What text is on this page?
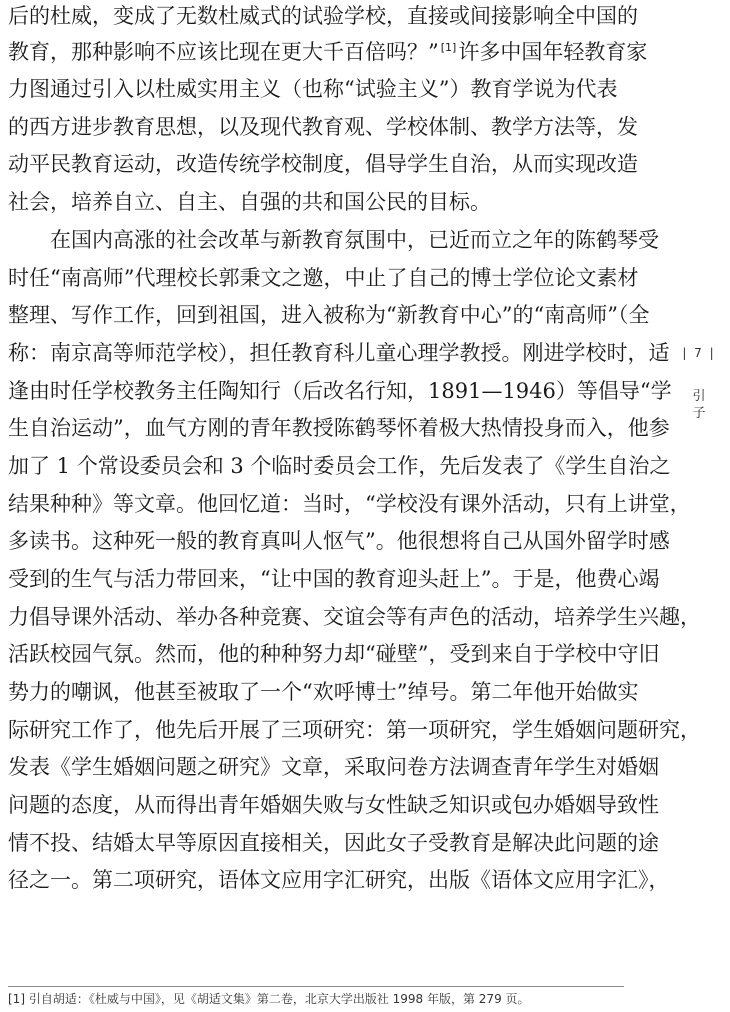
后的杜威，变成了无数杜威式的试验学校，直接或间接影响全中国的
教育，那种影响不应该比现在更大千百倍吗？” [1]许多中国年轻教育家
力图通过引入以杜威实用主义（也称“试验主义”）教育学说为代表
的西方进步教育思想，以及现代教育观、学校体制、教学方法等，发
动平民教育运动，改造传统学校制度，倡导学生自治，从而实现改造
社会，培养自立、自主、自强的共和国公民的目标。
在国内高涨的社会改革与新教育氛围中，已近而立之年的陈鹤琴受
时任“南高师”代理校长郭秉文之邀，中止了自己的博士学位论文素材
整理、写作工作，回到祖国，进入被称为“新教育中心”的“南高师”（全
称：南京高等师范学校），担任教育科儿童心理学教授。刚进学校时，适
逢由时任学校教务主任陶知行（后改名行知，1891—1946）等倡导“学
生自治运动”，血气方刚的青年教授陈鹤琴怀着极大热情投身而入，他参
加了 1 个常设委员会和 3 个临时委员会工作，先后发表了《学生自治之
结果种种》等文章。他回忆道：当时，“学校没有课外活动，只有上讲堂，
多读书。这种死一般的教育真叫人怄气”。他很想将自己从国外留学时感
受到的生气与活力带回来，“让中国的教育迎头赶上”。于是，他费心竭
力倡导课外活动、举办各种竞赛、交谊会等有声色的活动，培养学生兴趣，
活跃校园气氛。然而，他的种种努力却“碰壁”，受到来自于学校中守旧
势力的嘲讽，他甚至被取了一个“欢呼博士”绰号。第二年他开始做实
际研究工作了，他先后开展了三项研究：第一项研究，学生婚姻问题研究，
发表《学生婚姻问题之研究》文章，采取问卷方法调查青年学生对婚姻
问题的态度，从而得出青年婚姻失败与女性缺乏知识或包办婚姻导致性
情不投、结婚太早等原因直接相关，因此女子受教育是解决此问题的途
径之一。第二项研究，语体文应用字汇研究，出版《语体文应用字汇》，
| 7 |
引
子
[1] 引自胡适：《杜威与中国》，见《胡适文集》第二卷，北京大学出版社 1998 年版，第 279 页。
